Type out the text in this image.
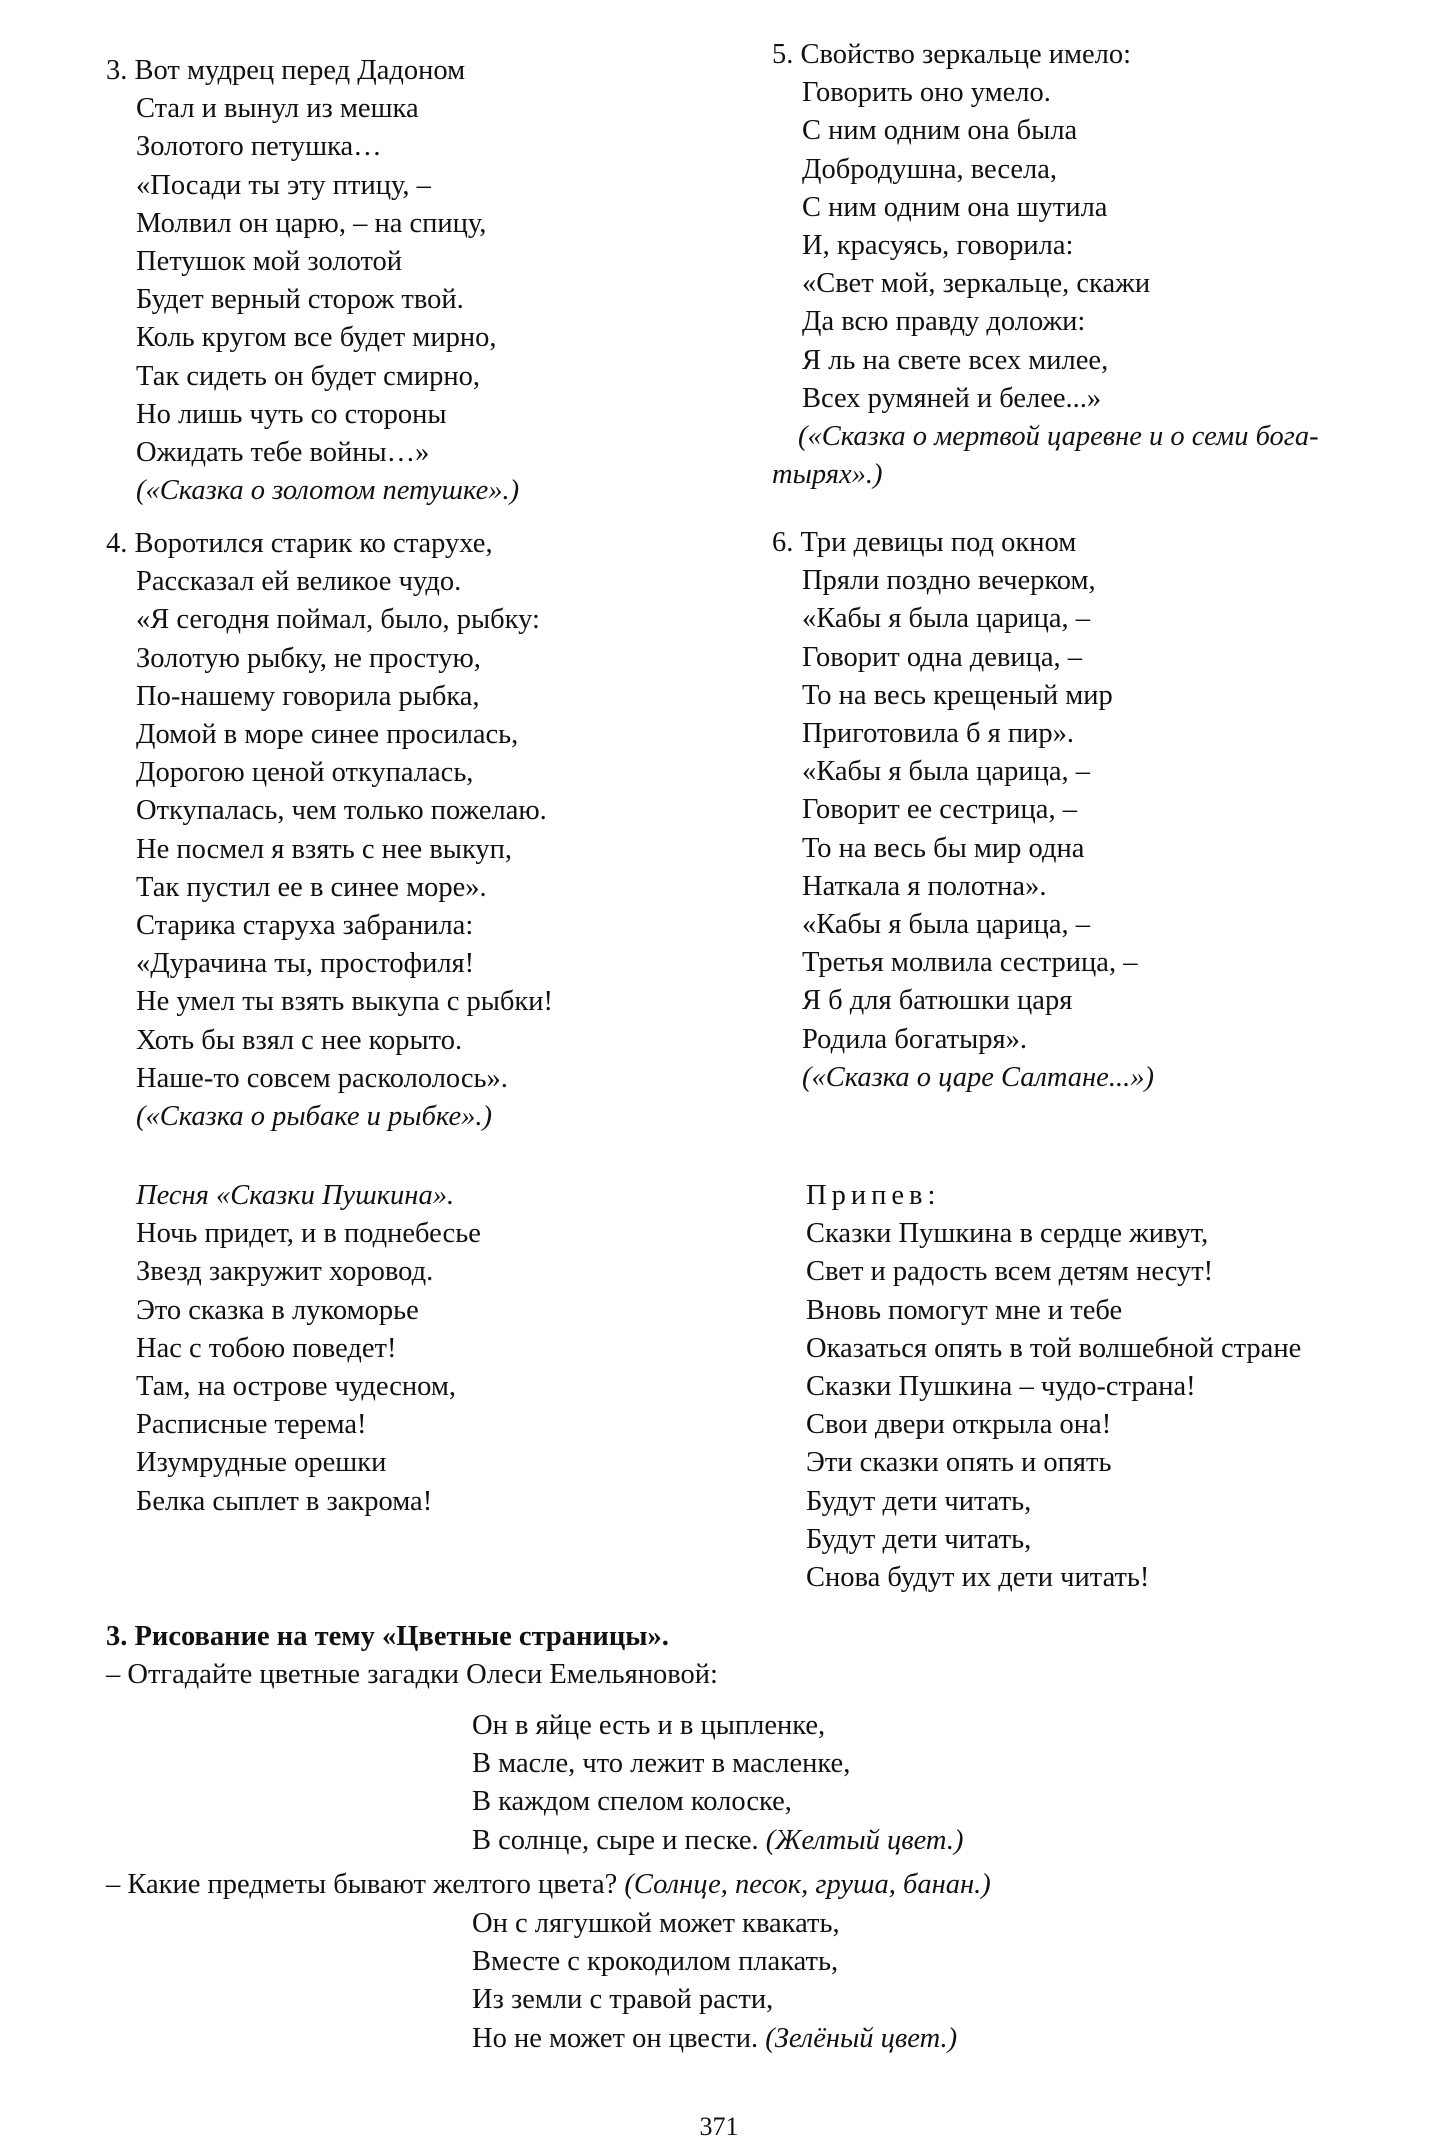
3. Вот мудрец перед Дадоном
Стал и вынул из мешка
Золотого петушка…
«Посади ты эту птицу, –
Молвил он царю, – на спицу,
Петушок мой золотой
Будет верный сторож твой.
Коль кругом все будет мирно,
Так сидеть он будет смирно,
Но лишь чуть со стороны
Ожидать тебе войны…»
(«Сказка о золотом петушке».)
4. Воротился старик ко старухе,
Рассказал ей великое чудо.
«Я сегодня поймал, было, рыбку:
Золотую рыбку, не простую,
По-нашему говорила рыбка,
Домой в море синее просилась,
Дорогою ценой откупалась,
Откупалась, чем только пожелаю.
Не посмел я взять с нее выкуп,
Так пустил ее в синее море».
Старика старуха забранила:
«Дурачина ты, простофиля!
Не умел ты взять выкупа с рыбки!
Хоть бы взял с нее корыто.
Наше-то совсем раскололось».
(«Сказка о рыбаке и рыбке».)
Песня «Сказки Пушкина».
Ночь придет, и в поднебесье
Звезд закружит хоровод.
Это сказка в лукоморье
Нас с тобою поведет!
Там, на острове чудесном,
Расписные терема!
Изумрудные орешки
Белка сыплет в закрома!
5. Свойство зеркальце имело:
Говорить оно умело.
С ним одним она была
Добродушна, весела,
С ним одним она шутила
И, красуясь, говорила:
«Свет мой, зеркальце, скажи
Да всю правду доложи:
Я ль на свете всех милее,
Всех румяней и белее...»
(«Сказка о мертвой царевне и о семи бога-
тырях».)
6. Три девицы под окном
Пряли поздно вечерком,
«Кабы я была царица, –
Говорит одна девица, –
То на весь крещеный мир
Приготовила б я пир».
«Кабы я была царица, –
Говорит ее сестрица, –
То на весь бы мир одна
Наткала я полотна».
«Кабы я была царица, –
Третья молвила сестрица, –
Я б для батюшки царя
Родила богатыря».
(«Сказка о царе Салтане...»)
Припев:
Сказки Пушкина в сердце живут,
Свет и радость всем детям несут!
Вновь помогут мне и тебе
Оказаться опять в той волшебной стране
Сказки Пушкина – чудо-страна!
Свои двери открыла она!
Эти сказки опять и опять
Будут дети читать,
Будут дети читать,
Снова будут их дети читать!
3. Рисование на тему «Цветные страницы».
– Отгадайте цветные загадки Олеси Емельяновой:
Он в яйце есть и в цыпленке,
В масле, что лежит в масленке,
В каждом спелом колоске,
В солнце, сыре и песке. (Желтый цвет.)
– Какие предметы бывают желтого цвета? (Солнце, песок, груша, банан.)
Он с лягушкой может квакать,
Вместе с крокодилом плакать,
Из земли с травой расти,
Но не может он цвести. (Зелёный цвет.)
371
